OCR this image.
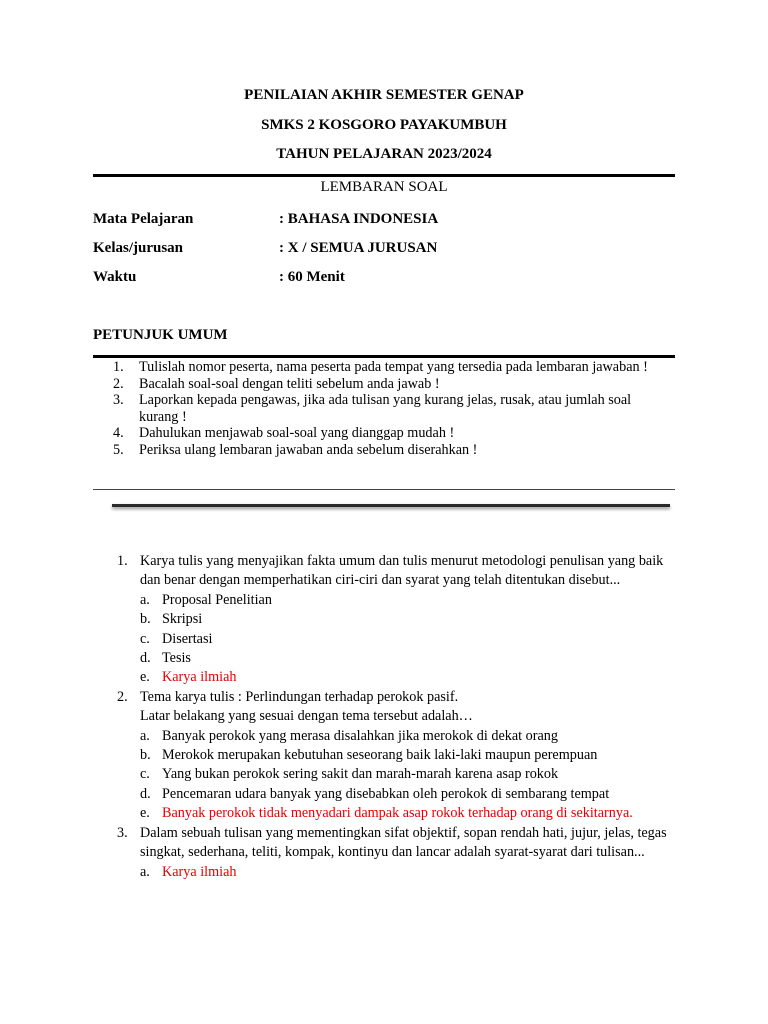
PENILAIAN AKHIR SEMESTER GENAP
SMKS 2 KOSGORO PAYAKUMBUH
TAHUN PELAJARAN 2023/2024
LEMBARAN SOAL
Mata Pelajaran	: BAHASA INDONESIA
Kelas/jurusan	: X / SEMUA JURUSAN
Waktu	: 60 Menit
PETUNJUK UMUM
1.	Tulislah nomor peserta, nama peserta pada tempat yang tersedia pada lembaran jawaban !
2.	Bacalah soal-soal dengan teliti sebelum anda jawab !
3.	Laporkan kepada pengawas, jika ada tulisan yang kurang jelas, rusak, atau jumlah soal kurang !
4.	Dahulukan menjawab soal-soal yang dianggap mudah !
5.	Periksa ulang lembaran jawaban anda sebelum diserahkan !
1. Karya tulis yang menyajikan fakta umum dan tulis menurut metodologi penulisan yang baik dan benar dengan memperhatikan ciri-ciri dan syarat yang telah ditentukan disebut...
a. Proposal Penelitian
b. Skripsi
c. Disertasi
d. Tesis
e. Karya ilmiah
2. Tema karya tulis : Perlindungan terhadap perokok pasif.
Latar belakang yang sesuai dengan tema tersebut adalah…
a. Banyak perokok yang merasa disalahkan jika merokok di dekat orang
b. Merokok merupakan kebutuhan seseorang baik laki-laki maupun perempuan
c. Yang bukan perokok sering sakit dan marah-marah karena asap rokok
d. Pencemaran udara banyak yang disebabkan oleh perokok di sembarang tempat
e. Banyak perokok tidak menyadari dampak asap rokok terhadap orang di sekitarnya.
3. Dalam sebuah tulisan yang mementingkan sifat objektif, sopan rendah hati, jujur, jelas, tegas singkat, sederhana, teliti, kompak, kontinyu dan lancar adalah syarat-syarat dari tulisan...
a. Karya ilmiah
